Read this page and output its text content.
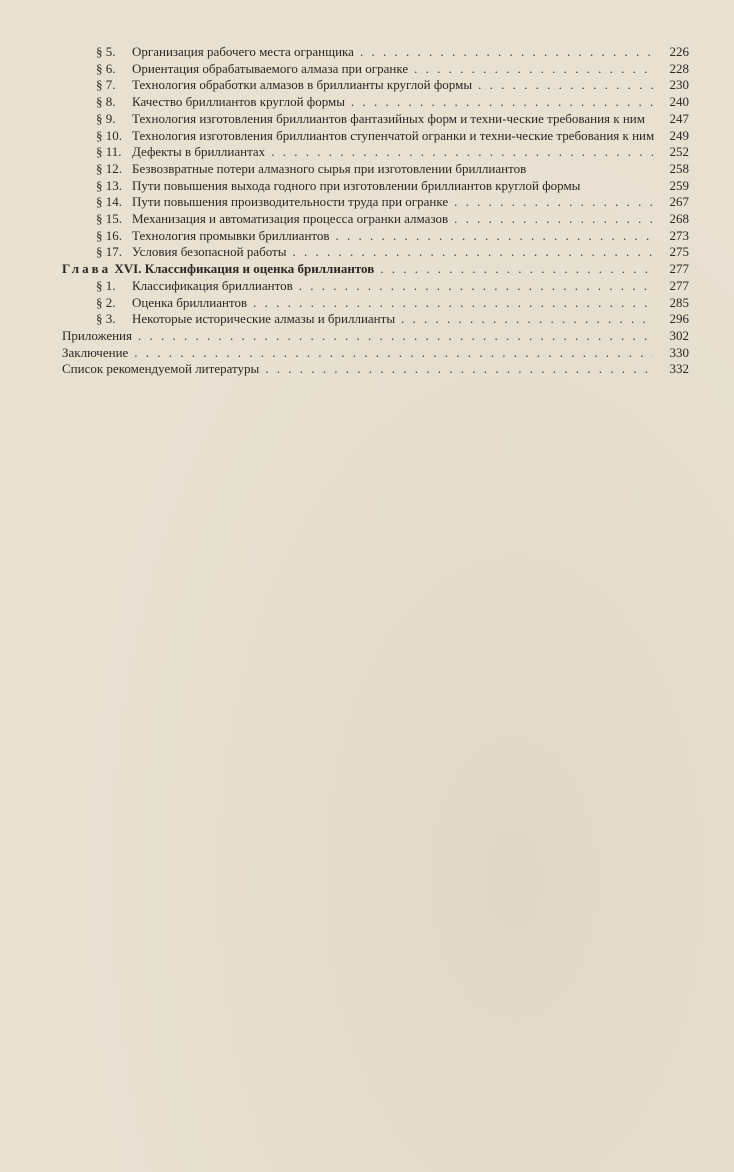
§ 5.	Организация рабочего места огранщика . . .	226
§ 6.	Ориентация обрабатываемого алмаза при огранке . . .	228
§ 7.	Технология обработки алмазов в бриллианты круглой формы . . .	230
§ 8.	Качество бриллиантов круглой формы . . .	240
§ 9.	Технология изготовления бриллиантов фантазийных форм и техни-ческие требования к ним	247
§ 10. Технология изготовления бриллиантов ступенчатой огранки и техни-ческие требования к ним	249
§ 11. Дефекты в бриллиантах . . .	252
§ 12. Безвозвратные потери алмазного сырья при изготовлении бриллиантов	258
§ 13. Пути повышения выхода годного при изготовлении бриллиантов круглой формы	259
§ 14. Пути повышения производительности труда при огранке . . .	267
§ 15. Механизация и автоматизация процесса огранки алмазов . . .	268
§ 16. Технология промывки бриллиантов . . .	273
§ 17. Условия безопасной работы . . .	275
Глава XVI. Классификация и оценка бриллиантов . . .	277
§ 1.	Классификация бриллиантов . . .	277
§ 2.	Оценка бриллиантов . . .	285
§ 3.	Некоторые исторические алмазы и бриллианты . . .	296
Приложения . . .	302
Заключение . . .	330
Список рекомендуемой литературы . . .	332
